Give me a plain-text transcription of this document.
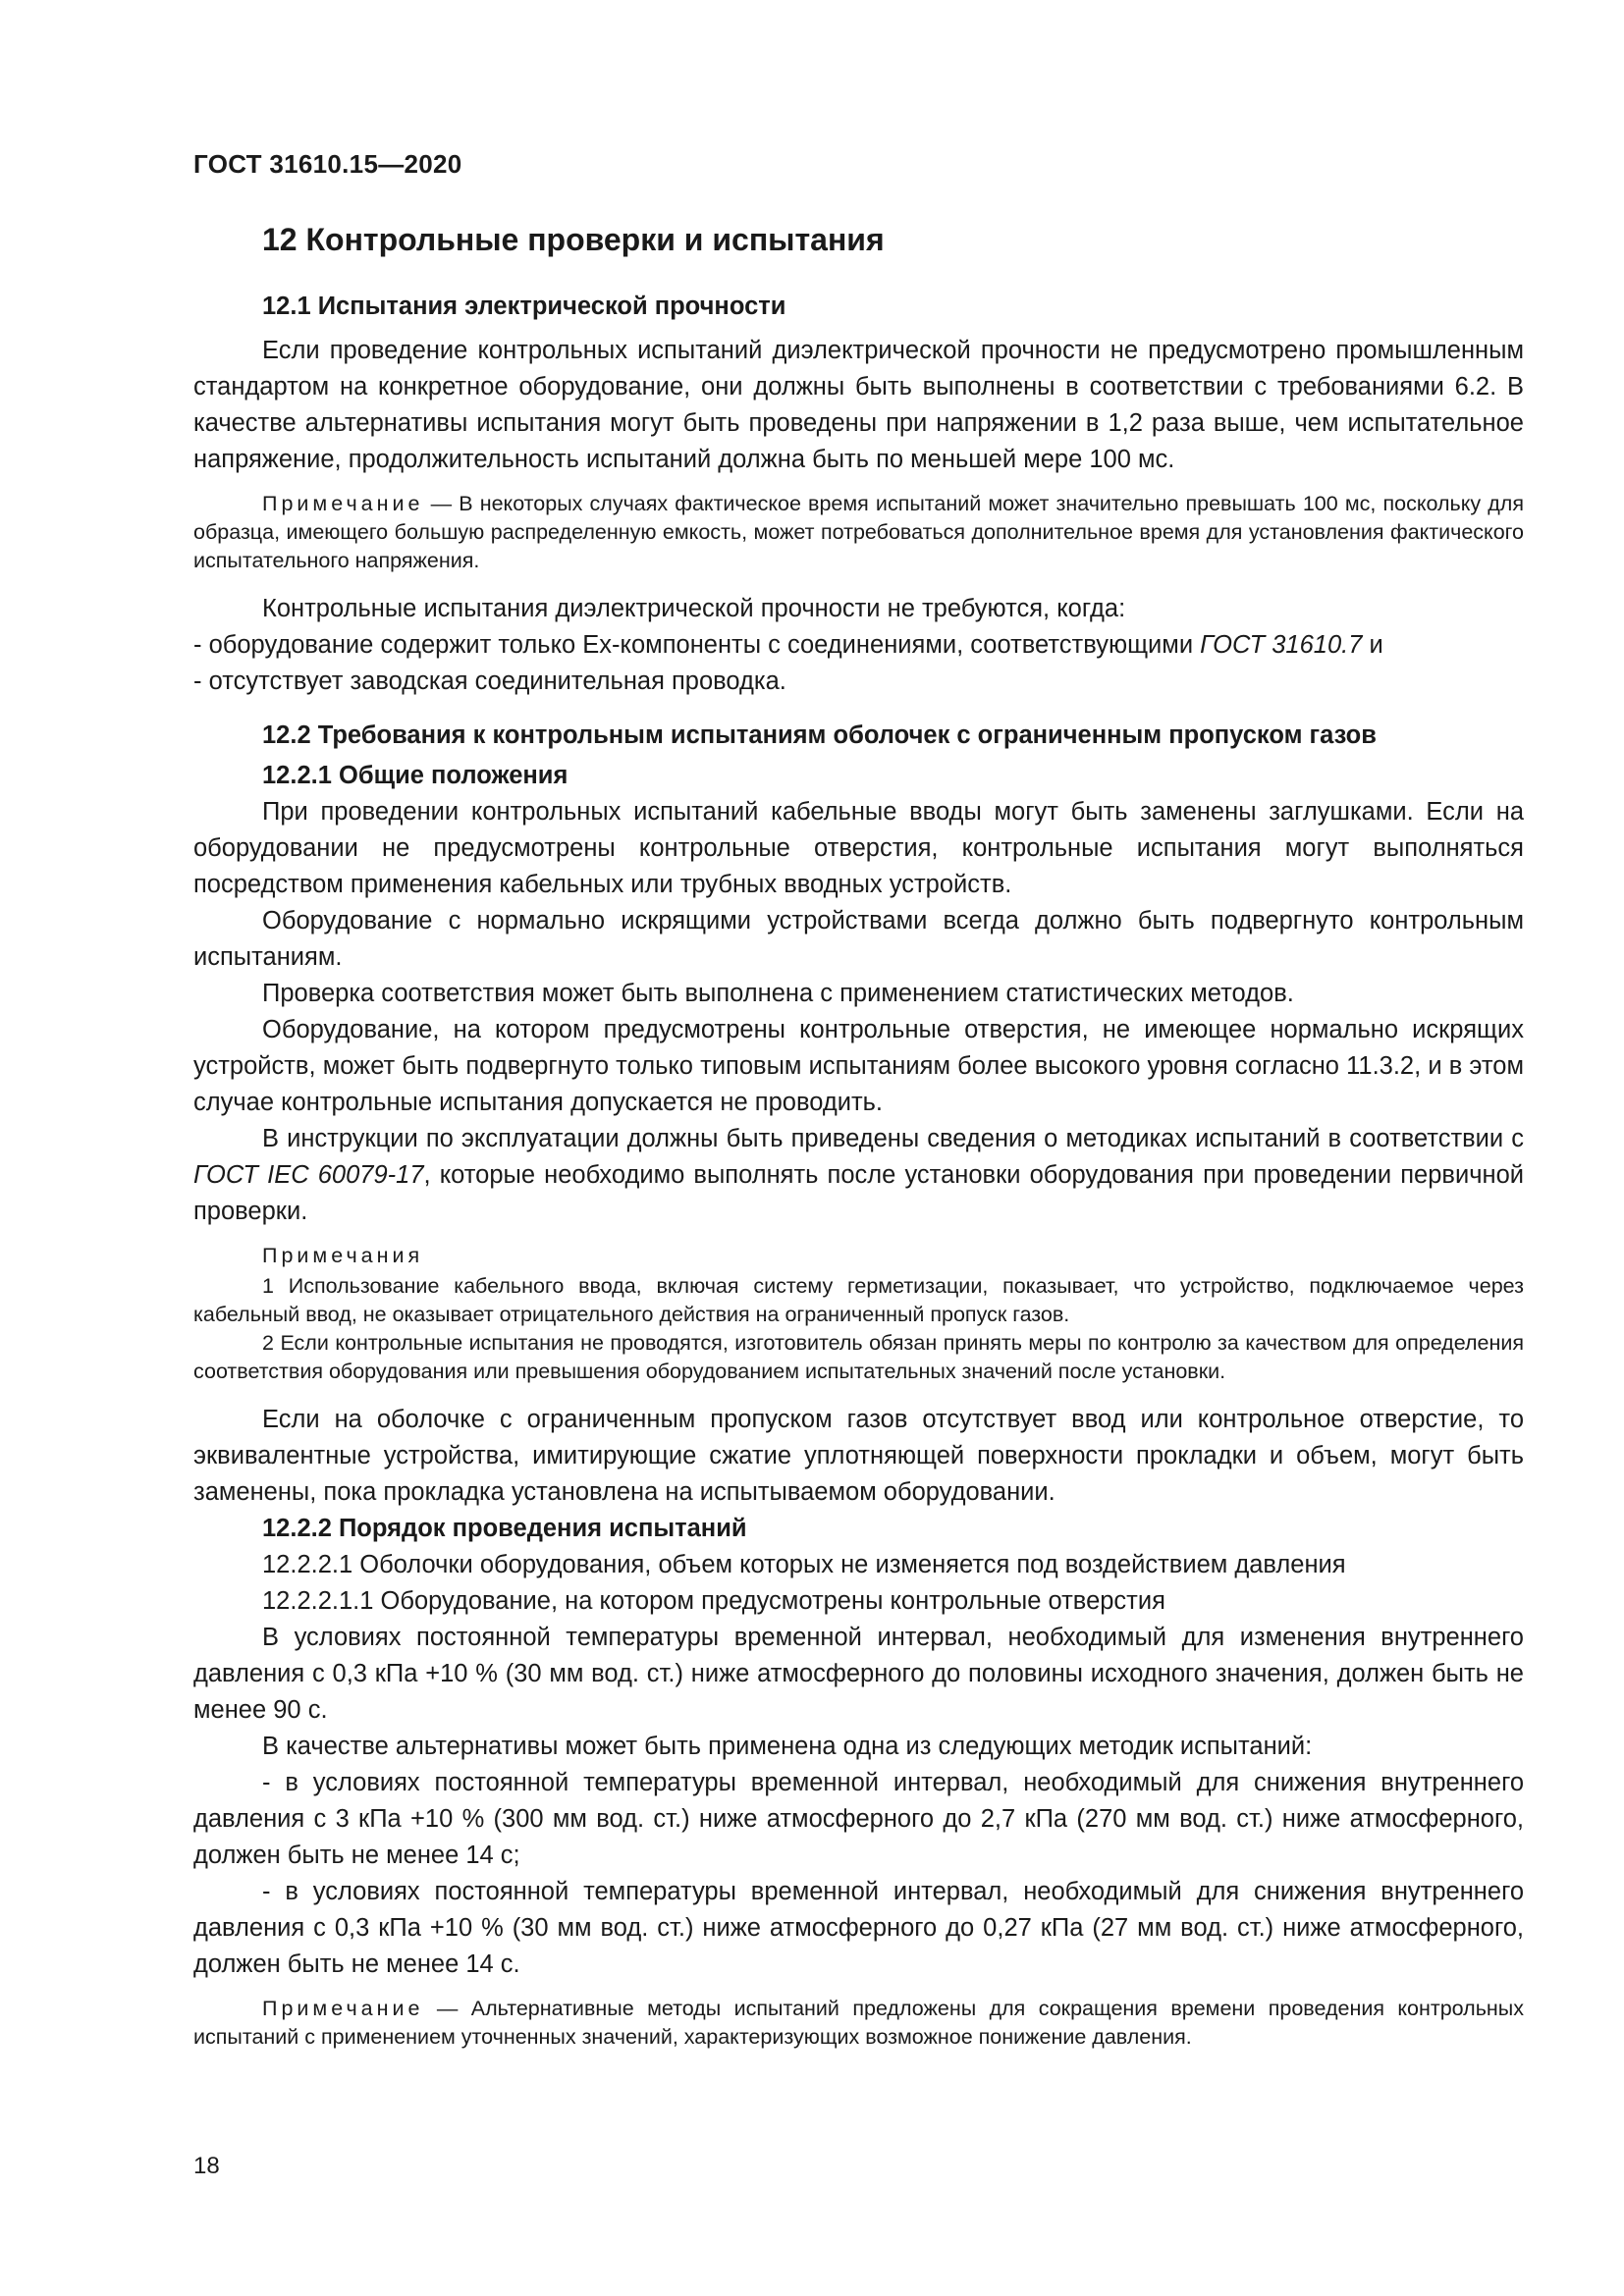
ГОСТ 31610.15—2020
12 Контрольные проверки и испытания
12.1 Испытания электрической прочности

Если проведение контрольных испытаний диэлектрической прочности не предусмотрено промышленным стандартом на конкретное оборудование, они должны быть выполнены в соответствии с требованиями 6.2. В качестве альтернативы испытания могут быть проведены при напряжении в 1,2 раза выше, чем испытательное напряжение, продолжительность испытаний должна быть по меньшей мере 100 мс.

Примечание — В некоторых случаях фактическое время испытаний может значительно превышать 100 мс, поскольку для образца, имеющего большую распределенную емкость, может потребоваться дополнительное время для установления фактического испытательного напряжения.

Контрольные испытания диэлектрической прочности не требуются, когда:

- оборудование содержит только Ex-компоненты с соединениями, соответствующими ГОСТ 31610.7 и

- отсутствует заводская соединительная проводка.

12.2 Требования к контрольным испытаниям оболочек с ограниченным пропуском газов
12.2.1 Общие положения

При проведении контрольных испытаний кабельные вводы могут быть заменены заглушками. Если на оборудовании не предусмотрены контрольные отверстия, контрольные испытания могут выполняться посредством применения кабельных или трубных вводных устройств.

Оборудование с нормально искрящими устройствами всегда должно быть подвергнуто контрольным испытаниям.

Проверка соответствия может быть выполнена с применением статистических методов.

Оборудование, на котором предусмотрены контрольные отверстия, не имеющее нормально искрящих устройств, может быть подвергнуто только типовым испытаниям более высокого уровня согласно 11.3.2, и в этом случае контрольные испытания допускается не проводить.

В инструкции по эксплуатации должны быть приведены сведения о методиках испытаний в соответствии с ГОСТ IEC 60079-17, которые необходимо выполнять после установки оборудования при проведении первичной проверки.

Примечания

1 Использование кабельного ввода, включая систему герметизации, показывает, что устройство, подключаемое через кабельный ввод, не оказывает отрицательного действия на ограниченный пропуск газов.

2 Если контрольные испытания не проводятся, изготовитель обязан принять меры по контролю за качеством для определения соответствия оборудования или превышения оборудованием испытательных значений после установки.

Если на оболочке с ограниченным пропуском газов отсутствует ввод или контрольное отверстие, то эквивалентные устройства, имитирующие сжатие уплотняющей поверхности прокладки и объем, могут быть заменены, пока прокладка установлена на испытываемом оборудовании.

12.2.2 Порядок проведения испытаний

12.2.2.1 Оболочки оборудования, объем которых не изменяется под воздействием давления

12.2.2.1.1 Оборудование, на котором предусмотрены контрольные отверстия

В условиях постоянной температуры временной интервал, необходимый для изменения внутреннего давления с 0,3 кПа +10 % (30 мм вод. ст.) ниже атмосферного до половины исходного значения, должен быть не менее 90 с.

В качестве альтернативы может быть применена одна из следующих методик испытаний:

- в условиях постоянной температуры временной интервал, необходимый для снижения внутреннего давления с 3 кПа +10 % (300 мм вод. ст.) ниже атмосферного до 2,7 кПа (270 мм вод. ст.) ниже атмосферного, должен быть не менее 14 с;

- в условиях постоянной температуры временной интервал, необходимый для снижения внутреннего давления с 0,3 кПа +10 % (30 мм вод. ст.) ниже атмосферного до 0,27 кПа (27 мм вод. ст.) ниже атмосферного, должен быть не менее 14 с.

Примечание — Альтернативные методы испытаний предложены для сокращения времени проведения контрольных испытаний с применением уточненных значений, характеризующих возможное понижение давления.

18
